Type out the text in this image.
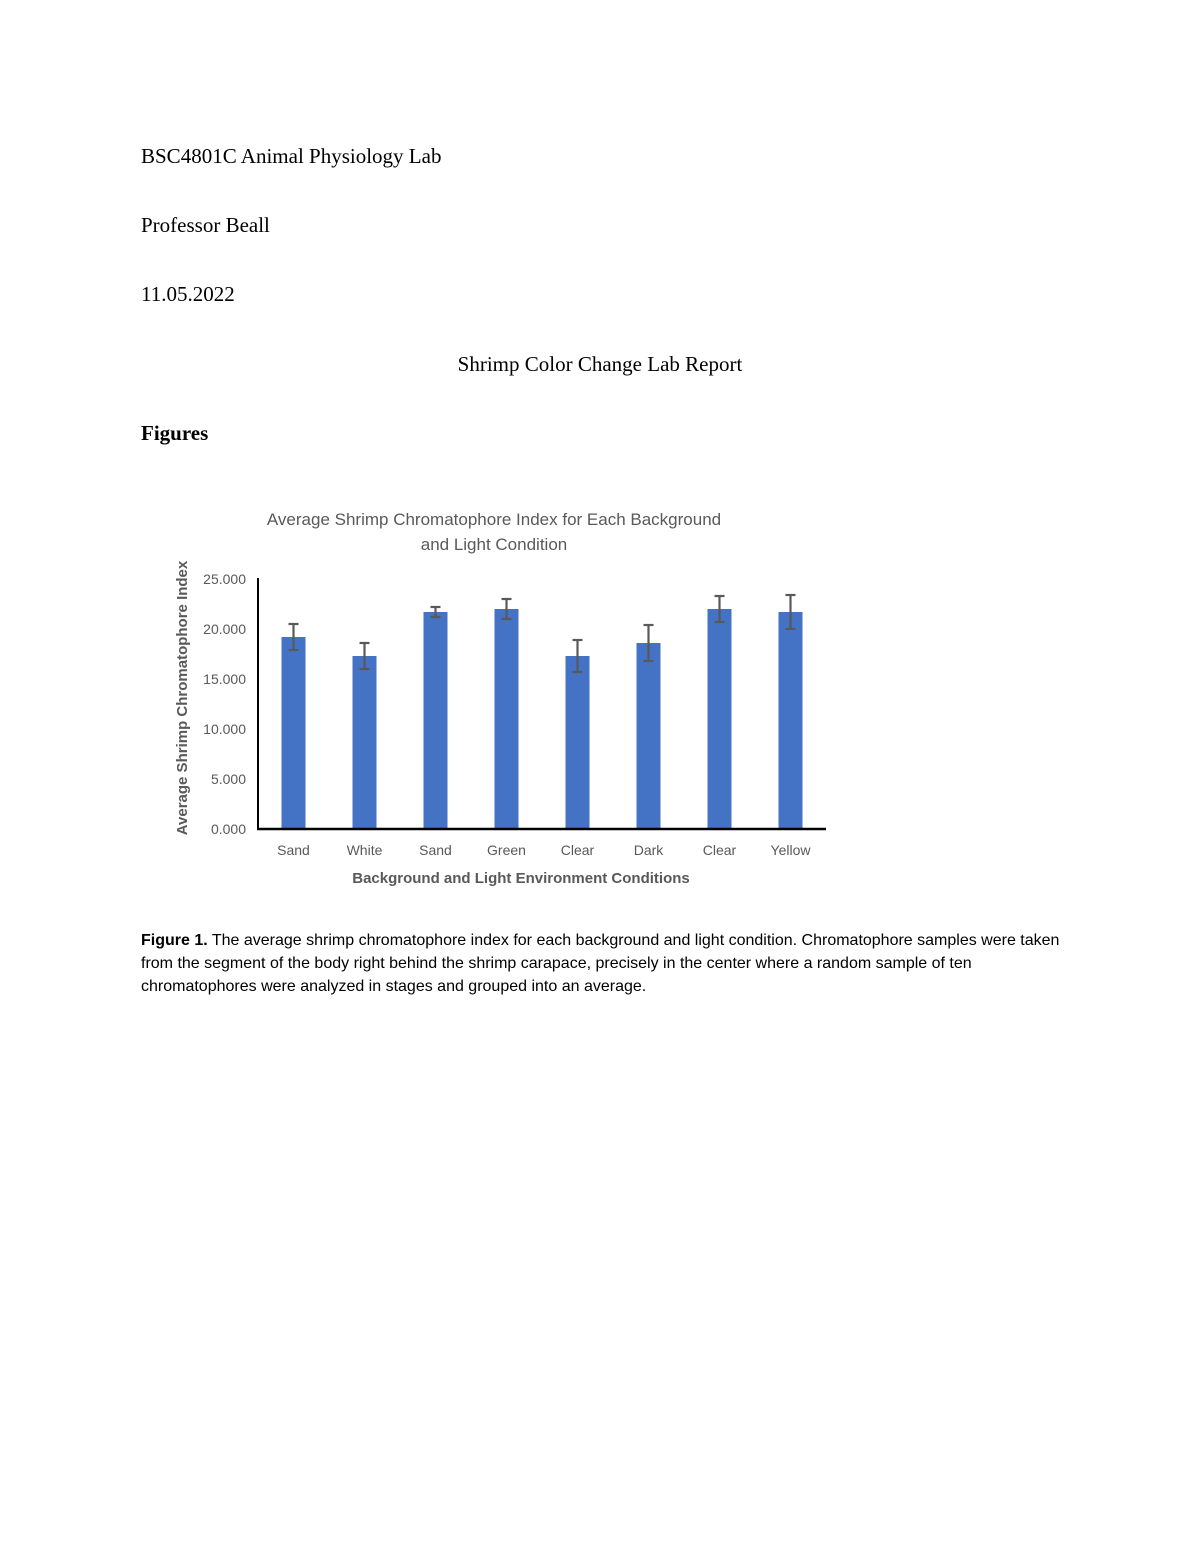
BSC4801C Animal Physiology Lab
Professor Beall
11.05.2022
Shrimp Color Change Lab Report
Figures
Average Shrimp Chromatophore Index for Each Background
and Light Condition
Average Shrimp Chromatophore Index
Background and Light Environment Conditions
0.000
5.000
10.000
15.000
20.000
25.000
Sand	White	Sand	Green Clear	Dark	Clear Yellow
Figure 1. The average shrimp chromatophore index for each background and light condition. Chromatophore samples were taken from the segment of the body right behind the shrimp carapace, precisely in the center where a random sample of ten chromatophores were analyzed in stages and grouped into an average.
